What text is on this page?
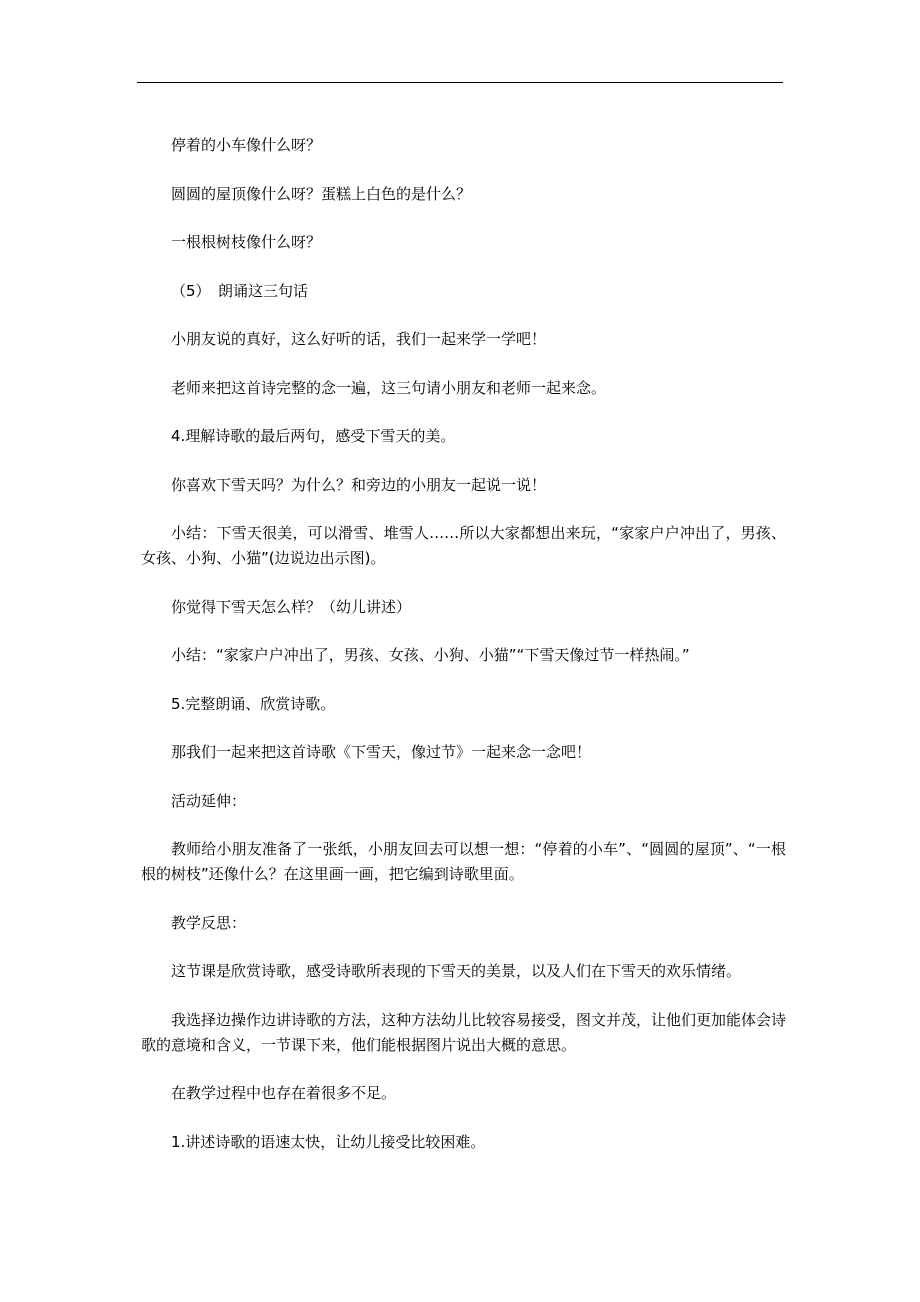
停着的小车像什么呀？

圆圆的屋顶像什么呀？蛋糕上白色的是什么？

一根根树枝像什么呀？

（5）　朗诵这三句话

小朋友说的真好，这么好听的话，我们一起来学一学吧！

老师来把这首诗完整的念一遍，这三句请小朋友和老师一起来念。

4.理解诗歌的最后两句，感受下雪天的美。

你喜欢下雪天吗？为什么？和旁边的小朋友一起说一说！

小结：下雪天很美，可以滑雪、堆雪人……所以大家都想出来玩，“家家户户冲出了，男孩、女孩、小狗、小猫”(边说边出示图)。

你觉得下雪天怎么样？（幼儿讲述）

小结：“家家户户冲出了，男孩、女孩、小狗、小猫”“下雪天像过节一样热闹。”

5.完整朗诵、欣赏诗歌。

那我们一起来把这首诗歌《下雪天，像过节》一起来念一念吧！

活动延伸：

教师给小朋友准备了一张纸，小朋友回去可以想一想：“停着的小车”、“圆圆的屋顶”、“一根根的树枝”还像什么？在这里画一画，把它编到诗歌里面。

教学反思：

这节课是欣赏诗歌，感受诗歌所表现的下雪天的美景，以及人们在下雪天的欢乐情绪。

我选择边操作边讲诗歌的方法，这种方法幼儿比较容易接受，图文并茂，让他们更加能体会诗歌的意境和含义，一节课下来，他们能根据图片说出大概的意思。

在教学过程中也存在着很多不足。

1.讲述诗歌的语速太快，让幼儿接受比较困难。
